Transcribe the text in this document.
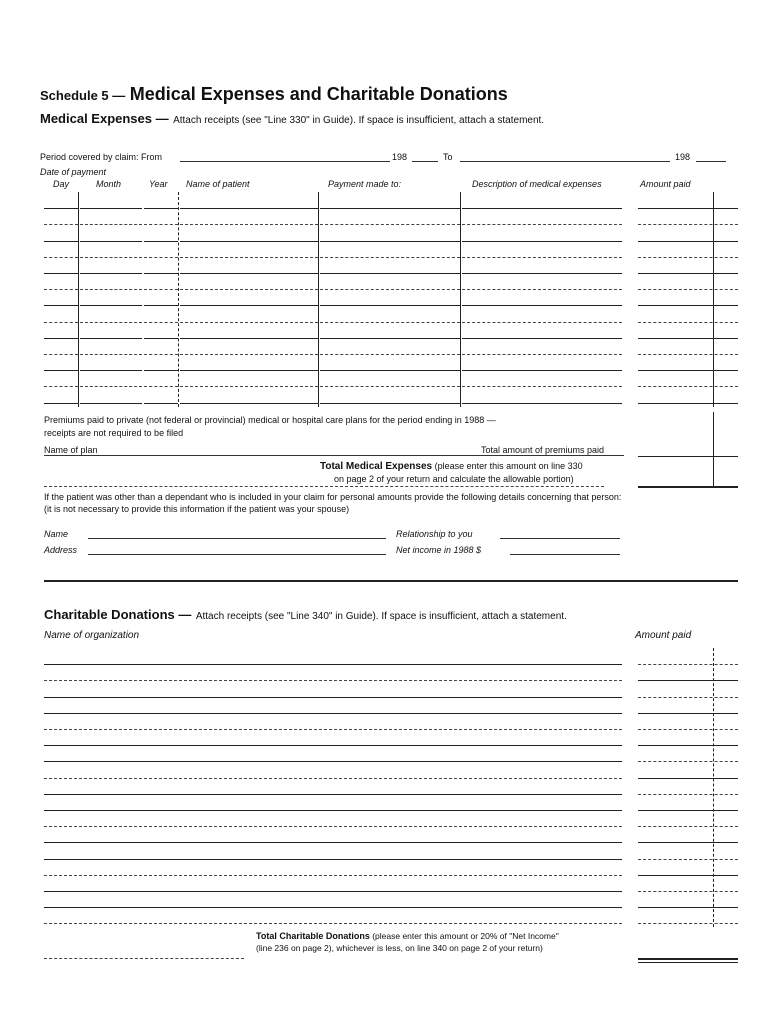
Schedule 5 — Medical Expenses and Charitable Donations
Medical Expenses — Attach receipts (see "Line 330" in Guide). If space is insufficient, attach a statement.
Period covered by claim: From	198	To	198
Date of payment
Day	Month	Year Name of patient	Payment made to:	Description of medical expenses	Amount paid
Premiums paid to private (not federal or provincial) medical or hospital care plans for the period ending in 1988 —
receipts are not required to be filed
Name of plan	Total amount of premiums paid
Total Medical Expenses (please enter this amount on line 330
on page 2 of your return and calculate the allowable portion)
If the patient was other than a dependant who is included in your claim for personal amounts provide the following details concerning that person:
(it is not necessary to provide this information if the patient was your spouse)
Name	Relationship to you
Address	Net income in 1988 $
Charitable Donations — Attach receipts (see "Line 340" in Guide). If space is insufficient, attach a statement.
Name of organization	Amount paid
Total Charitable Donations (please enter this amount or 20% of "Net Income"
(line 236 on page 2), whichever is less, on line 340 on page 2 of your return)
